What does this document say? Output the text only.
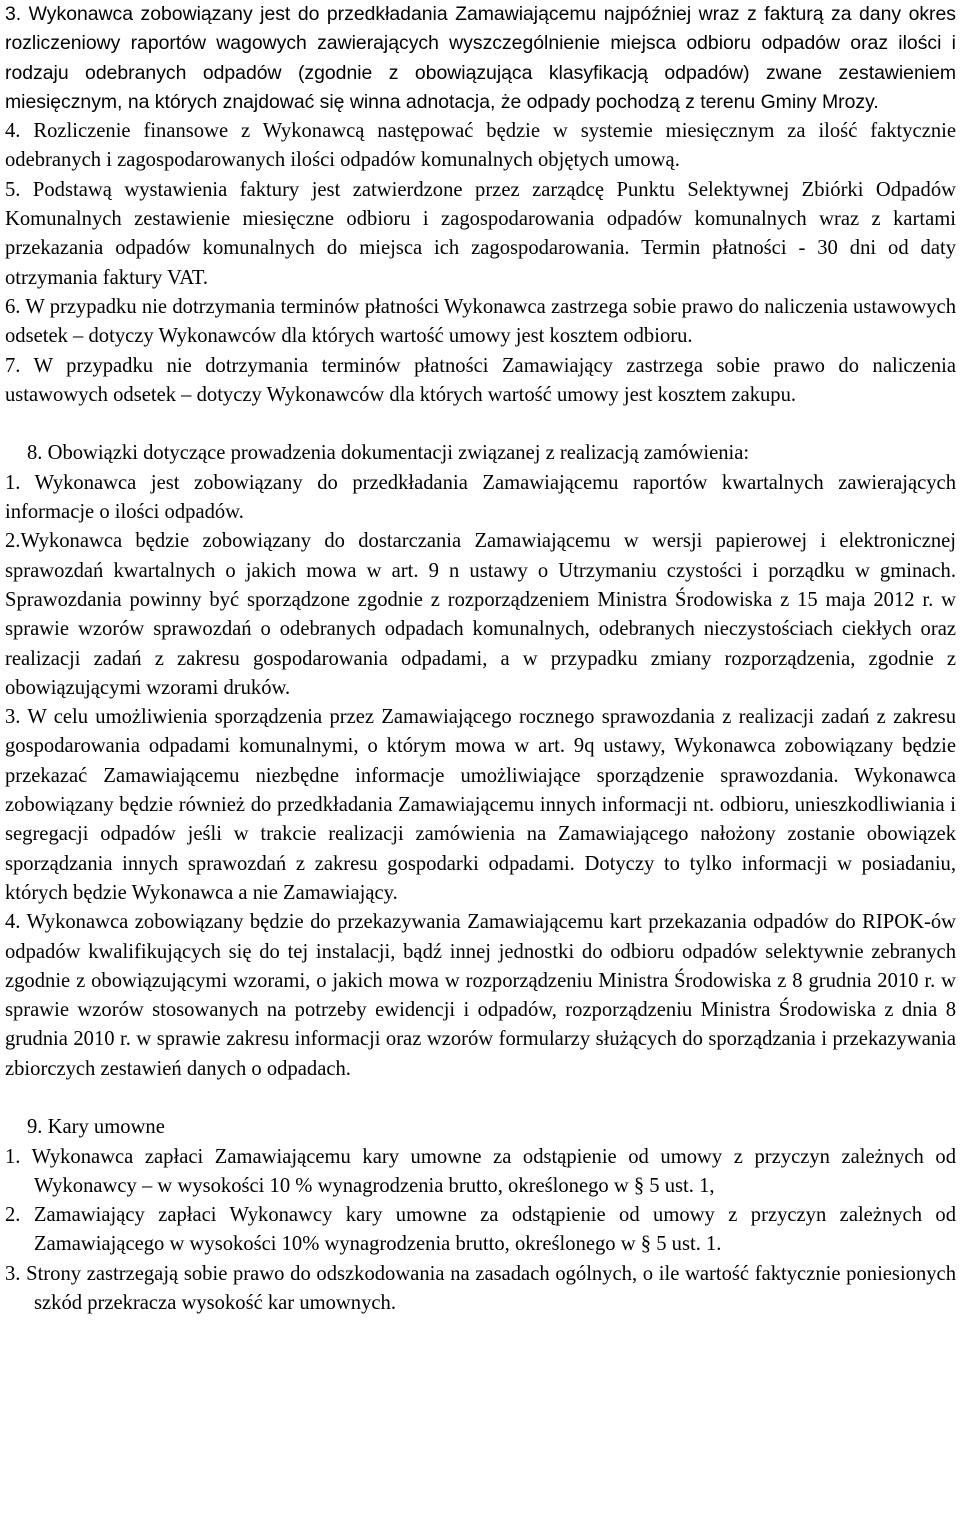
3. Wykonawca zobowiązany jest do przedkładania Zamawiającemu najpóźniej wraz z fakturą za dany okres rozliczeniowy raportów wagowych zawierających wyszczególnienie miejsca odbioru odpadów oraz ilości i rodzaju odebranych odpadów (zgodnie z obowiązująca klasyfikacją odpadów) zwane zestawieniem miesięcznym, na których znajdować się winna adnotacja, że odpady pochodzą z terenu Gminy Mrozy.

4. Rozliczenie finansowe z Wykonawcą następować będzie w systemie miesięcznym za ilość faktycznie odebranych i zagospodarowanych ilości odpadów komunalnych objętych umową.

5. Podstawą wystawienia faktury jest zatwierdzone przez zarządcę Punktu Selektywnej Zbiórki Odpadów Komunalnych zestawienie miesięczne odbioru i zagospodarowania odpadów komunalnych wraz z kartami przekazania odpadów komunalnych do miejsca ich zagospodarowania. Termin płatności - 30 dni od daty otrzymania faktury VAT.

6. W przypadku nie dotrzymania terminów płatności Wykonawca zastrzega sobie prawo do naliczenia ustawowych odsetek – dotyczy Wykonawców dla których wartość umowy jest kosztem odbioru.

7. W przypadku nie dotrzymania terminów płatności Zamawiający zastrzega sobie prawo do naliczenia ustawowych odsetek – dotyczy Wykonawców dla których wartość umowy jest kosztem zakupu.

8. Obowiązki dotyczące prowadzenia dokumentacji związanej z realizacją zamówienia:

1. Wykonawca jest zobowiązany do przedkładania Zamawiającemu raportów kwartalnych zawierających informacje o ilości odpadów.

2.Wykonawca będzie zobowiązany do dostarczania Zamawiającemu w wersji papierowej i elektronicznej sprawozdań kwartalnych o jakich mowa w art. 9 n ustawy o Utrzymaniu czystości i porządku w gminach. Sprawozdania powinny być sporządzone zgodnie z rozporządzeniem Ministra Środowiska z 15 maja 2012 r. w sprawie wzorów sprawozdań o odebranych odpadach komunalnych, odebranych nieczystościach ciekłych oraz realizacji zadań z zakresu gospodarowania odpadami, a w przypadku zmiany rozporządzenia, zgodnie z obowiązującymi wzorami druków.

3. W celu umożliwienia sporządzenia przez Zamawiającego rocznego sprawozdania z realizacji zadań z zakresu gospodarowania odpadami komunalnymi, o którym mowa w art. 9q ustawy, Wykonawca zobowiązany będzie przekazać Zamawiającemu niezbędne informacje umożliwiające sporządzenie sprawozdania. Wykonawca zobowiązany będzie również do przedkładania Zamawiającemu innych informacji nt. odbioru, unieszkodliwiania i segregacji odpadów jeśli w trakcie realizacji zamówienia na Zamawiającego nałożony zostanie obowiązek sporządzania innych sprawozdań z zakresu gospodarki odpadami. Dotyczy to tylko informacji w posiadaniu, których będzie Wykonawca a nie Zamawiający.

4. Wykonawca zobowiązany będzie do przekazywania Zamawiającemu kart przekazania odpadów do RIPOK-ów odpadów kwalifikujących się do tej instalacji, bądź innej jednostki do odbioru odpadów selektywnie zebranych zgodnie z obowiązującymi wzorami, o jakich mowa w rozporządzeniu Ministra Środowiska z 8 grudnia 2010 r. w sprawie wzorów stosowanych na potrzeby ewidencji i odpadów, rozporządzeniu Ministra Środowiska z dnia 8 grudnia 2010 r. w sprawie zakresu informacji oraz wzorów formularzy służących do sporządzania i przekazywania zbiorczych zestawień danych o odpadach.

9. Kary umowne

1. Wykonawca zapłaci Zamawiającemu kary umowne za odstąpienie od umowy z przyczyn zależnych od Wykonawcy – w wysokości 10 % wynagrodzenia brutto, określonego w § 5 ust. 1,

2. Zamawiający zapłaci Wykonawcy kary umowne za odstąpienie od umowy z przyczyn zależnych od Zamawiającego w wysokości 10% wynagrodzenia brutto, określonego w § 5 ust. 1.

3. Strony zastrzegają sobie prawo do odszkodowania na zasadach ogólnych, o ile wartość faktycznie poniesionych szkód przekracza wysokość kar umownych.
